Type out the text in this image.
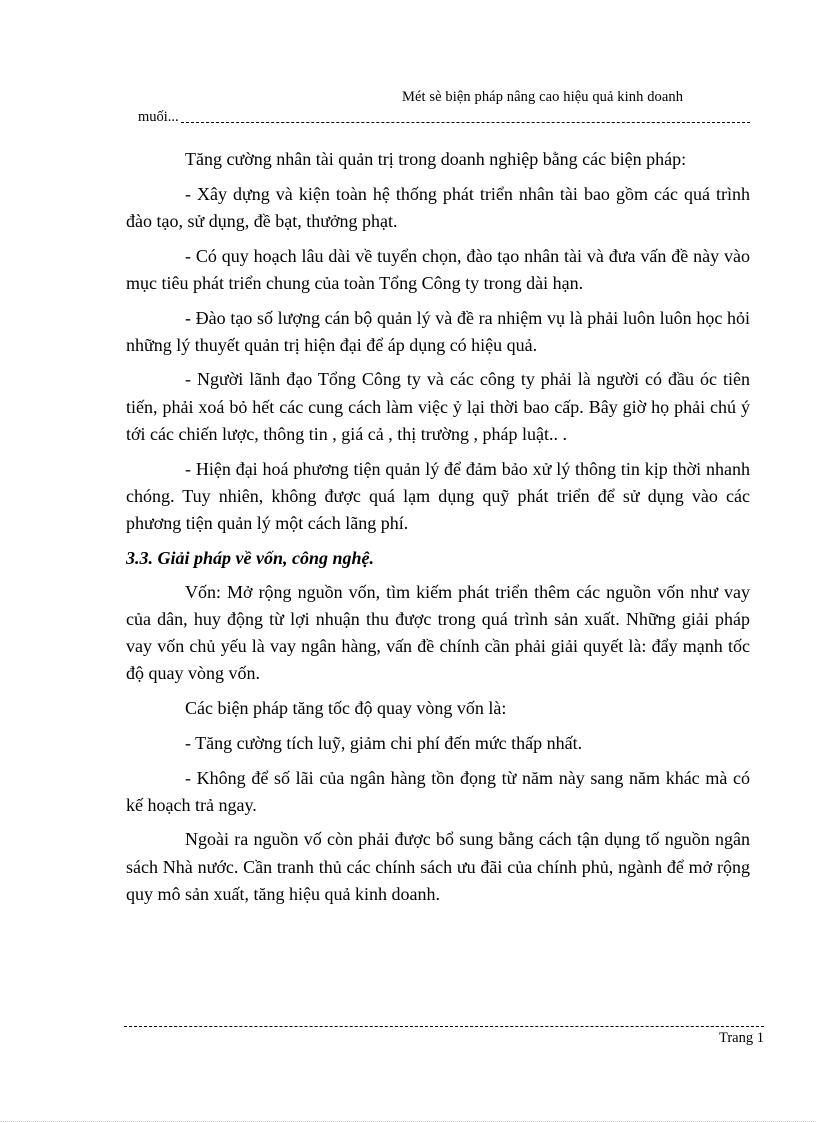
Mét sè biện pháp nâng cao hiệu quả kinh doanh
muối...

Tăng cường nhân tài quản trị trong doanh nghiệp bằng các biện pháp:

- Xây dựng và kiện toàn hệ thống phát triển nhân tài bao gồm các quá trình đào tạo, sử dụng, đề bạt, thưởng phạt.

- Có quy hoạch lâu dài về tuyển chọn, đào tạo nhân tài và đưa vấn đề này vào mục tiêu phát triển chung của toàn Tổng Công ty trong dài hạn.

- Đào tạo số lượng cán bộ quản lý và đề ra nhiệm vụ là phải luôn luôn học hỏi những lý thuyết quản trị hiện đại để áp dụng có hiệu quả.

- Người lãnh đạo Tổng Công ty và các công ty phải là người có đầu óc tiên tiến, phải xoá bỏ hết các cung cách làm việc ỷ lại thời bao cấp. Bây giờ họ phải chú ý tới các chiến lược, thông tin , giá cả , thị trường , pháp luật.. .

- Hiện đại hoá phương tiện quản lý để đảm bảo xử lý thông tin kịp thời nhanh chóng. Tuy nhiên, không được quá lạm dụng quỹ phát triển để sử dụng vào các phương tiện quản lý một cách lãng phí.

3.3. Giải pháp về vốn, công nghệ.

Vốn: Mở rộng nguồn vốn, tìm kiếm phát triển thêm các nguồn vốn như vay của dân, huy động từ lợi nhuận thu được trong quá trình sản xuất. Những giải pháp vay vốn chủ yếu là vay ngân hàng, vấn đề chính cần phải giải quyết là: đẩy mạnh tốc độ quay vòng vốn.

Các biện pháp tăng tốc độ quay vòng vốn là:

- Tăng cường tích luỹ, giảm chi phí đến mức thấp nhất.

- Không để số lãi của ngân hàng tồn đọng từ năm này sang năm khác mà có kế hoạch trả ngay.

Ngoài ra nguồn vố còn phải được bổ sung bằng cách tận dụng tố nguồn ngân sách Nhà nước. Cần tranh thủ các chính sách ưu đãi của chính phủ, ngành để mở rộng quy mô sản xuất, tăng hiệu quả kinh doanh.

Trang 1
